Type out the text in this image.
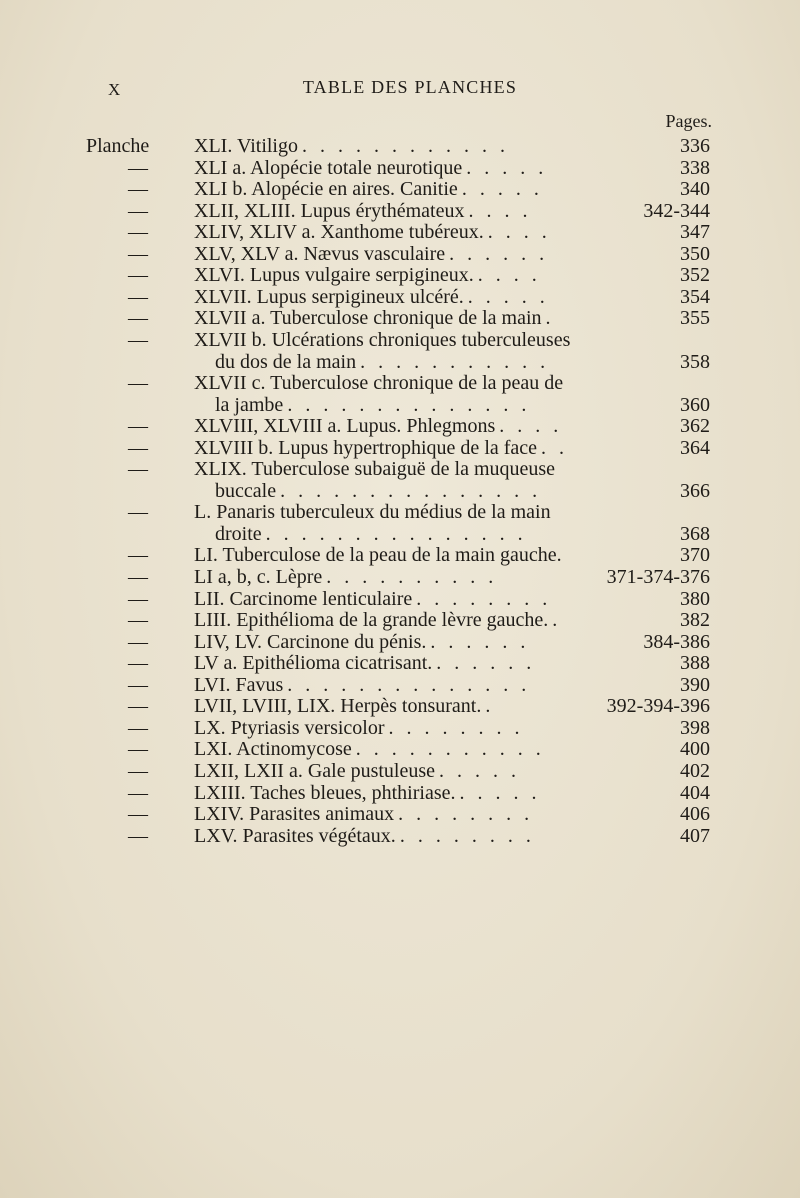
X	TABLE DES PLANCHES
Pages.
Planche	XLI. Vitiligo . . . . . . . . . . . .	336
—	XLI a. Alopécie totale neurotique . . . . .	338
—	XLI b. Alopécie en aires. Canitie . . . . .	340
—	XLII, XLIII. Lupus érythémateux . . . .	342-344
—	XLIV, XLIV a. Xanthome tubéreux. . . . .	347
—	XLV, XLV a. Nævus vasculaire . . . . . .	350
—	XLVI. Lupus vulgaire serpigineux. . . . .	352
—	XLVII. Lupus serpigineux ulcéré. . . . . .	354
—	XLVII a. Tuberculose chronique de la main .	355
—	XLVII b. Ulcérations chroniques tuberculeuses
du dos de la main . . . . . . . . . . .	358
—	XLVII c. Tuberculose chronique de la peau de
la jambe . . . . . . . . . . . . . .	360
—	XLVIII, XLVIII a. Lupus. Phlegmons . . . .	362
—	XLVIII b. Lupus hypertrophique de la face . .	364
—	XLIX. Tuberculose subaiguë de la muqueuse
buccale . . . . . . . . . . . . . . .	366
—	L. Panaris tuberculeux du médius de la main
droite . . . . . . . . . . . . . . .	368
—	LI. Tuberculose de la peau de la main gauche.	370
—	LI a, b, c. Lèpre . . . . . . . . . .	371-374-376
—	LII. Carcinome lenticulaire . . . . . . . .	380
—	LIII. Epithélioma de la grande lèvre gauche. .	382
—	LIV, LV. Carcinone du pénis. . . . . . .	384-386
—	LV a. Epithélioma cicatrisant. . . . . . .	388
—	LVI. Favus . . . . . . . . . . . . . .	390
—	LVII, LVIII, LIX. Herpès tonsurant. .	392-394-396
—	LX. Ptyriasis versicolor . . . . . . . .	398
—	LXI. Actinomycose . . . . . . . . . . .	400
—	LXII, LXII a. Gale pustuleuse . . . . .	402
—	LXIII. Taches bleues, phthiriase. . . . . .	404
—	LXIV. Parasites animaux . . . . . . . .	406
—	LXV. Parasites végétaux. . . . . . . . .	407
